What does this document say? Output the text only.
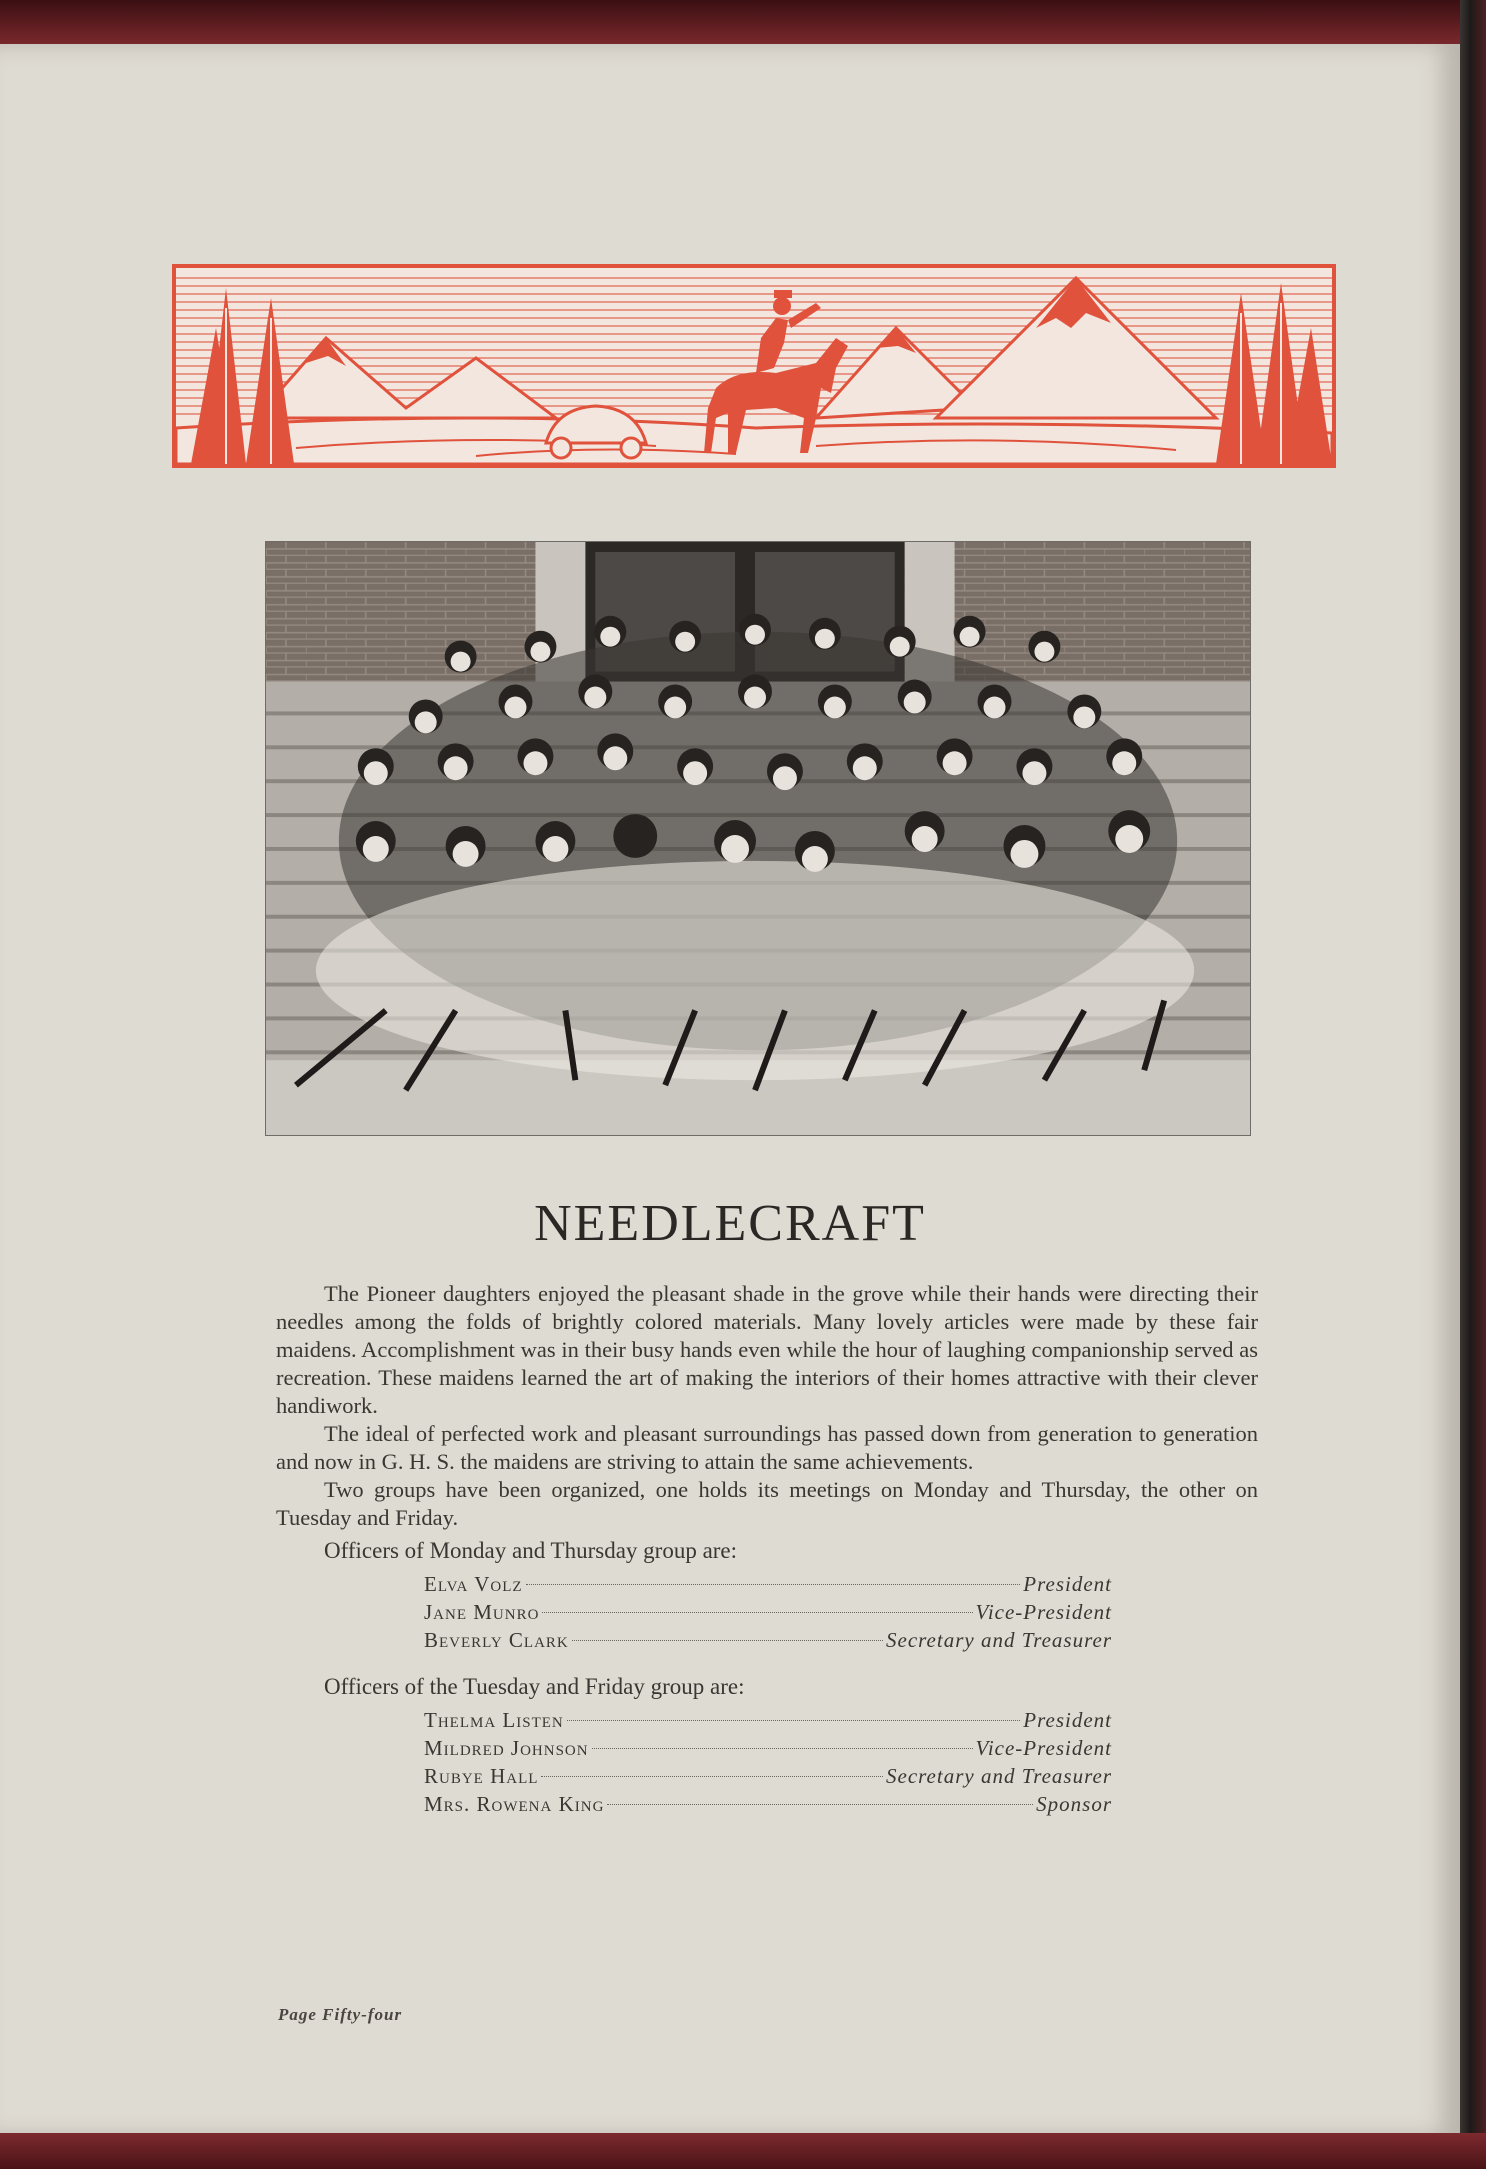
NEEDLECRAFT

The Pioneer daughters enjoyed the pleasant shade in the grove while their hands were directing their needles among the folds of brightly colored materials. Many lovely articles were made by these fair maidens. Accomplishment was in their busy hands even while the hour of laughing companionship served as recreation. These maidens learned the art of making the interiors of their homes attractive with their clever handiwork.

The ideal of perfected work and pleasant surroundings has passed down from generation to generation and now in G. H. S. the maidens are striving to attain the same achievements.

Two groups have been organized, one holds its meetings on Monday and Thursday, the other on Tuesday and Friday.

Officers of Monday and Thursday group are:
Elva Volz	President
Jane Munro	Vice-President
Beverly Clark	Secretary and Treasurer
Officers of the Tuesday and Friday group are:
Thelma Listen	President
Mildred Johnson	Vice-President
Rubye Hall	Secretary and Treasurer
Mrs. Rowena King	Sponsor
Page Fifty-four
